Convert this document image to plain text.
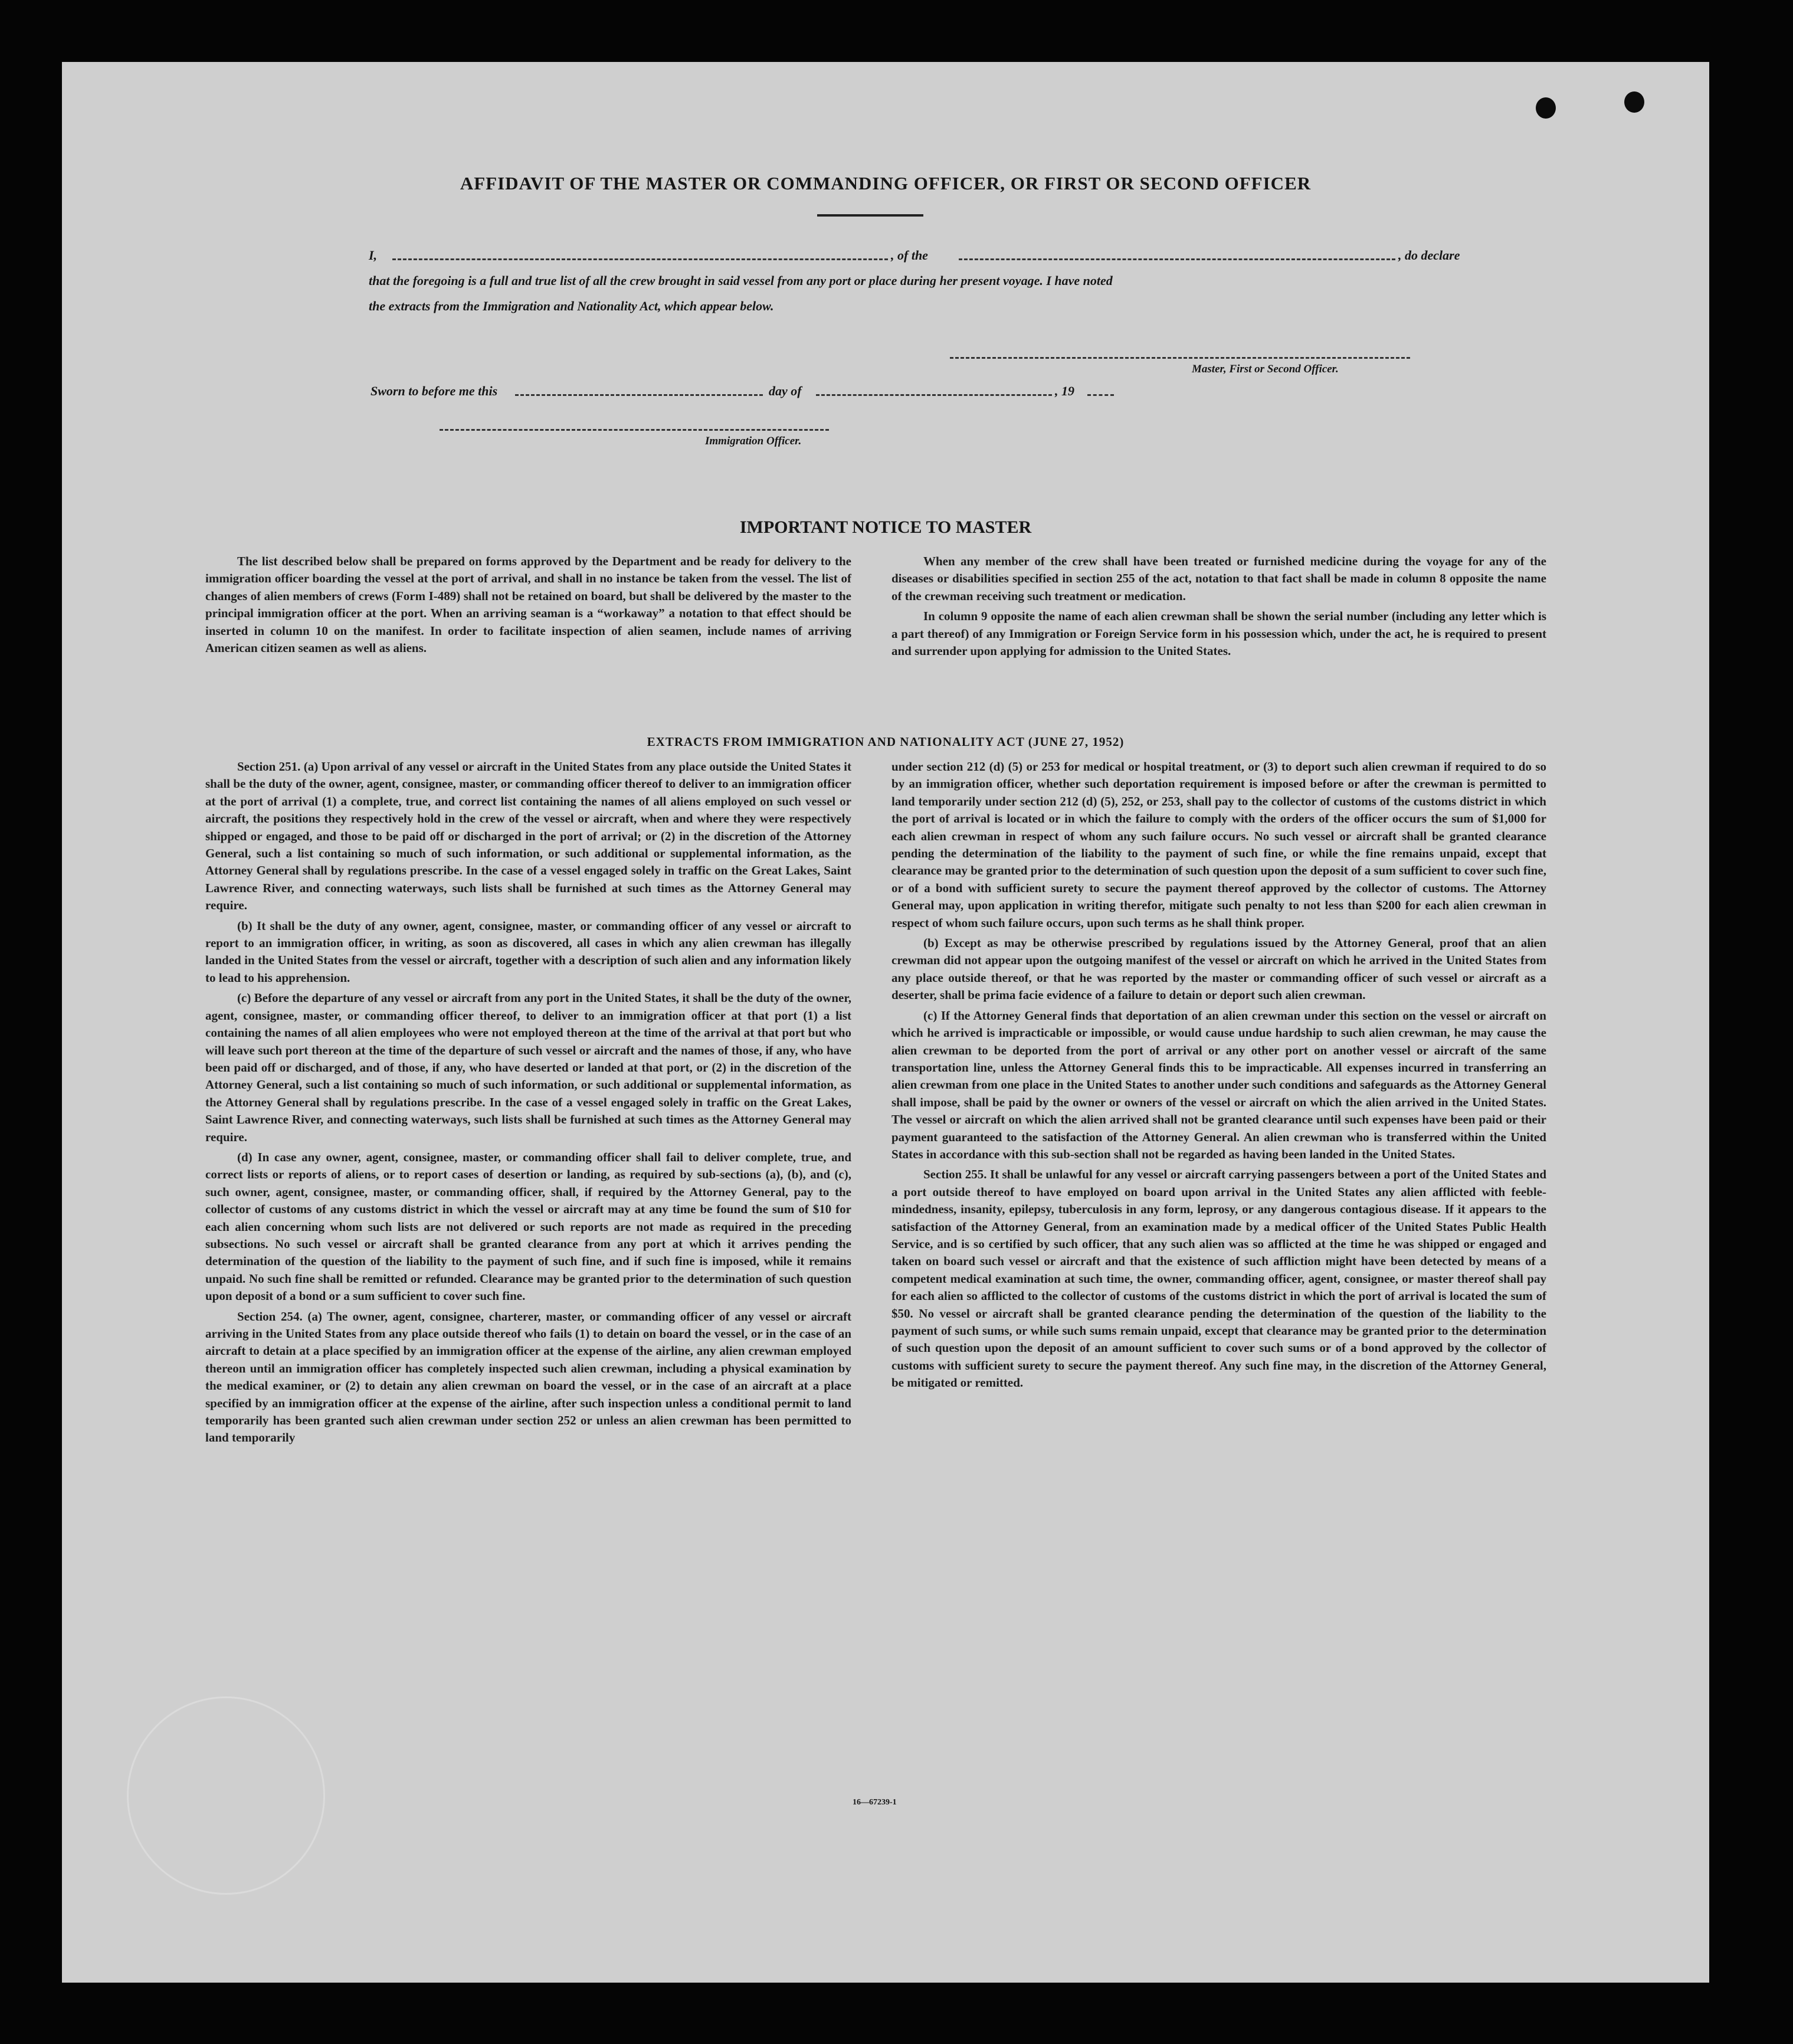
AFFIDAVIT OF THE MASTER OR COMMANDING OFFICER, OR FIRST OR SECOND OFFICER
I,	, of the	, do declare
that the foregoing is a full and true list of all the crew brought in said vessel from any port or place during her present voyage. I have noted
the extracts from the Immigration and Nationality Act, which appear below.
Master, First or Second Officer.
Sworn to before me this	day of	, 19
Immigration Officer.
IMPORTANT NOTICE TO MASTER

The list described below shall be prepared on forms approved by the Department and be ready for delivery to the immigration officer boarding the vessel at the port of arrival, and shall in no instance be taken from the vessel. The list of changes of alien members of crews (Form I-489) shall not be retained on board, but shall be delivered by the master to the principal immigration officer at the port. When an arriving seaman is a “workaway” a notation to that effect should be inserted in column 10 on the manifest. In order to facilitate inspection of alien seamen, include names of arriving American citizen seamen as well as aliens.

When any member of the crew shall have been treated or furnished medicine during the voyage for any of the diseases or disabilities specified in section 255 of the act, notation to that fact shall be made in column 8 opposite the name of the crewman receiving such treatment or medication.

In column 9 opposite the name of each alien crewman shall be shown the serial number (including any letter which is a part thereof) of any Immigration or Foreign Service form in his possession which, under the act, he is required to present and surrender upon applying for admission to the United States.

EXTRACTS FROM IMMIGRATION AND NATIONALITY ACT (JUNE 27, 1952)

Section 251. (a) Upon arrival of any vessel or aircraft in the United States from any place outside the United States it shall be the duty of the owner, agent, consignee, master, or commanding officer thereof to deliver to an immigration officer at the port of arrival (1) a complete, true, and correct list containing the names of all aliens employed on such vessel or aircraft, the positions they respectively hold in the crew of the vessel or aircraft, when and where they were respectively shipped or engaged, and those to be paid off or discharged in the port of arrival; or (2) in the discretion of the Attorney General, such a list containing so much of such information, or such additional or supplemental information, as the Attorney General shall by regulations prescribe. In the case of a vessel engaged solely in traffic on the Great Lakes, Saint Lawrence River, and connecting waterways, such lists shall be furnished at such times as the Attorney General may require.

(b) It shall be the duty of any owner, agent, consignee, master, or commanding officer of any vessel or aircraft to report to an immigration officer, in writing, as soon as discovered, all cases in which any alien crewman has illegally landed in the United States from the vessel or aircraft, together with a description of such alien and any information likely to lead to his apprehension.

(c) Before the departure of any vessel or aircraft from any port in the United States, it shall be the duty of the owner, agent, consignee, master, or commanding officer thereof, to deliver to an immigration officer at that port (1) a list containing the names of all alien employees who were not employed thereon at the time of the arrival at that port but who will leave such port thereon at the time of the departure of such vessel or aircraft and the names of those, if any, who have been paid off or discharged, and of those, if any, who have deserted or landed at that port, or (2) in the discretion of the Attorney General, such a list containing so much of such information, or such additional or supplemental information, as the Attorney General shall by regulations prescribe. In the case of a vessel engaged solely in traffic on the Great Lakes, Saint Lawrence River, and connecting waterways, such lists shall be furnished at such times as the Attorney General may require.

(d) In case any owner, agent, consignee, master, or commanding officer shall fail to deliver complete, true, and correct lists or reports of aliens, or to report cases of desertion or landing, as required by sub-sections (a), (b), and (c), such owner, agent, consignee, master, or commanding officer, shall, if required by the Attorney General, pay to the collector of customs of any customs district in which the vessel or aircraft may at any time be found the sum of $10 for each alien concerning whom such lists are not delivered or such reports are not made as required in the preceding subsections. No such vessel or aircraft shall be granted clearance from any port at which it arrives pending the determination of the question of the liability to the payment of such fine, and if such fine is imposed, while it remains unpaid. No such fine shall be remitted or refunded. Clearance may be granted prior to the determination of such question upon deposit of a bond or a sum sufficient to cover such fine.

Section 254. (a) The owner, agent, consignee, charterer, master, or commanding officer of any vessel or aircraft arriving in the United States from any place outside thereof who fails (1) to detain on board the vessel, or in the case of an aircraft to detain at a place specified by an immigration officer at the expense of the airline, any alien crewman employed thereon until an immigration officer has completely inspected such alien crewman, including a physical examination by the medical examiner, or (2) to detain any alien crewman on board the vessel, or in the case of an aircraft at a place specified by an immigration officer at the expense of the airline, after such inspection unless a conditional permit to land temporarily has been granted such alien crewman under section 252 or unless an alien crewman has been permitted to land temporarily

under section 212 (d) (5) or 253 for medical or hospital treatment, or (3) to deport such alien crewman if required to do so by an immigration officer, whether such deportation requirement is imposed before or after the crewman is permitted to land temporarily under section 212 (d) (5), 252, or 253, shall pay to the collector of customs of the customs district in which the port of arrival is located or in which the failure to comply with the orders of the officer occurs the sum of $1,000 for each alien crewman in respect of whom any such failure occurs. No such vessel or aircraft shall be granted clearance pending the determination of the liability to the payment of such fine, or while the fine remains unpaid, except that clearance may be granted prior to the determination of such question upon the deposit of a sum sufficient to cover such fine, or of a bond with sufficient surety to secure the payment thereof approved by the collector of customs. The Attorney General may, upon application in writing therefor, mitigate such penalty to not less than $200 for each alien crewman in respect of whom such failure occurs, upon such terms as he shall think proper.

(b) Except as may be otherwise prescribed by regulations issued by the Attorney General, proof that an alien crewman did not appear upon the outgoing manifest of the vessel or aircraft on which he arrived in the United States from any place outside thereof, or that he was reported by the master or commanding officer of such vessel or aircraft as a deserter, shall be prima facie evidence of a failure to detain or deport such alien crewman.

(c) If the Attorney General finds that deportation of an alien crewman under this section on the vessel or aircraft on which he arrived is impracticable or impossible, or would cause undue hardship to such alien crewman, he may cause the alien crewman to be deported from the port of arrival or any other port on another vessel or aircraft of the same transportation line, unless the Attorney General finds this to be impracticable. All expenses incurred in transferring an alien crewman from one place in the United States to another under such conditions and safeguards as the Attorney General shall impose, shall be paid by the owner or owners of the vessel or aircraft on which the alien arrived in the United States. The vessel or aircraft on which the alien arrived shall not be granted clearance until such expenses have been paid or their payment guaranteed to the satisfaction of the Attorney General. An alien crewman who is transferred within the United States in accordance with this sub-section shall not be regarded as having been landed in the United States.

Section 255. It shall be unlawful for any vessel or aircraft carrying passengers between a port of the United States and a port outside thereof to have employed on board upon arrival in the United States any alien afflicted with feeble-mindedness, insanity, epilepsy, tuberculosis in any form, leprosy, or any dangerous contagious disease. If it appears to the satisfaction of the Attorney General, from an examination made by a medical officer of the United States Public Health Service, and is so certified by such officer, that any such alien was so afflicted at the time he was shipped or engaged and taken on board such vessel or aircraft and that the existence of such affliction might have been detected by means of a competent medical examination at such time, the owner, commanding officer, agent, consignee, or master thereof shall pay for each alien so afflicted to the collector of customs of the customs district in which the port of arrival is located the sum of $50. No vessel or aircraft shall be granted clearance pending the determination of the question of the liability to the payment of such sums, or while such sums remain unpaid, except that clearance may be granted prior to the determination of such question upon the deposit of an amount sufficient to cover such sums or of a bond approved by the collector of customs with sufficient surety to secure the payment thereof. Any such fine may, in the discretion of the Attorney General, be mitigated or remitted.

16—67239-1
